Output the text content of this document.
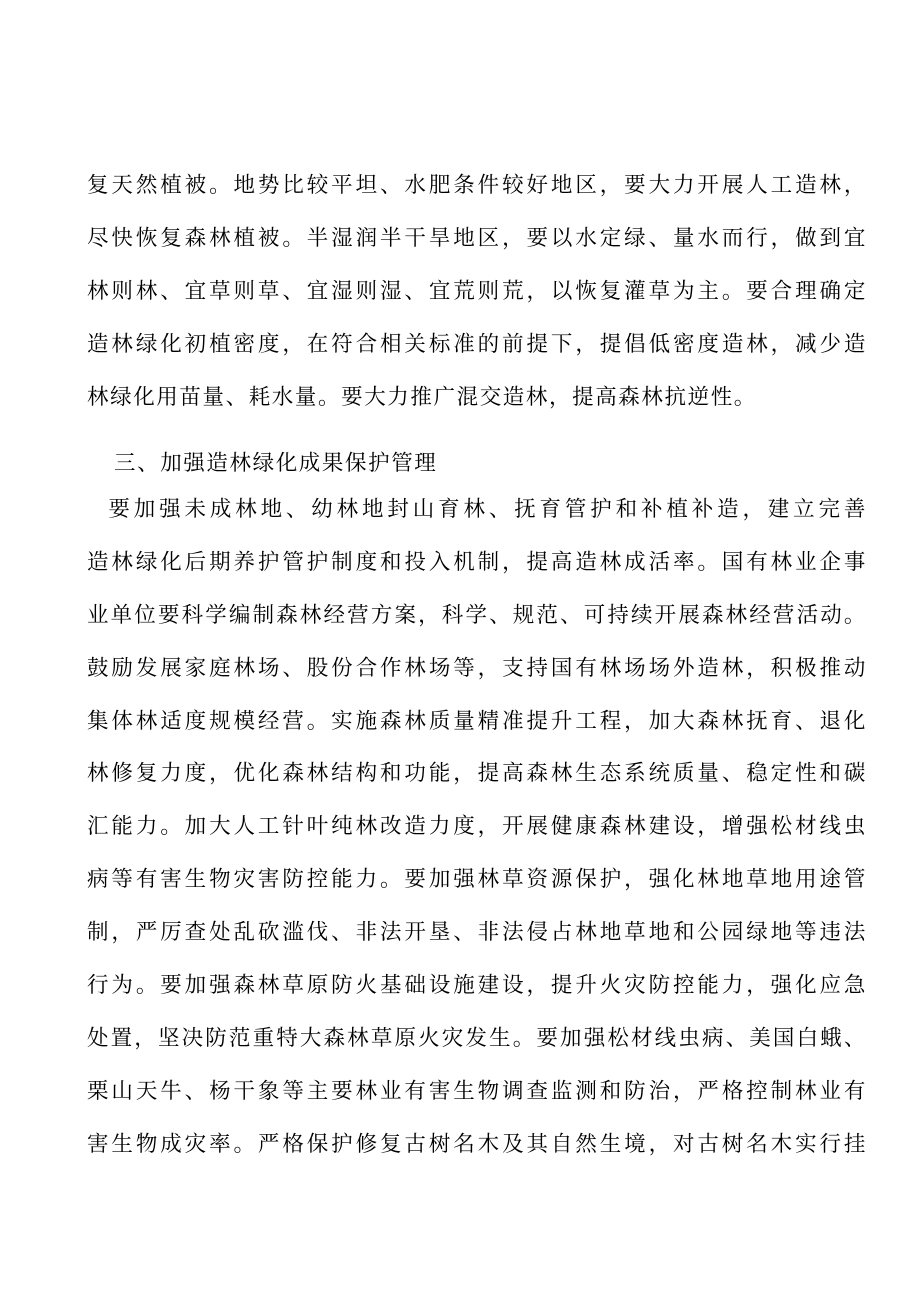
复天然植被。地势比较平坦、水肥条件较好地区，要大力开展人工造林，
尽快恢复森林植被。半湿润半干旱地区，要以水定绿、量水而行，做到宜
林则林、宜草则草、宜湿则湿、宜荒则荒，以恢复灌草为主。要合理确定
造林绿化初植密度，在符合相关标准的前提下，提倡低密度造林，减少造
林绿化用苗量、耗水量。要大力推广混交造林，提高森林抗逆性。
三、加强造林绿化成果保护管理
要加强未成林地、幼林地封山育林、抚育管护和补植补造，建立完善
造林绿化后期养护管护制度和投入机制，提高造林成活率。国有林业企事
业单位要科学编制森林经营方案，科学、规范、可持续开展森林经营活动。
鼓励发展家庭林场、股份合作林场等，支持国有林场场外造林，积极推动
集体林适度规模经营。实施森林质量精准提升工程，加大森林抚育、退化
林修复力度，优化森林结构和功能，提高森林生态系统质量、稳定性和碳
汇能力。加大人工针叶纯林改造力度，开展健康森林建设，增强松材线虫
病等有害生物灾害防控能力。要加强林草资源保护，强化林地草地用途管
制，严厉查处乱砍滥伐、非法开垦、非法侵占林地草地和公园绿地等违法
行为。要加强森林草原防火基础设施建设，提升火灾防控能力，强化应急
处置，坚决防范重特大森林草原火灾发生。要加强松材线虫病、美国白蛾、
栗山天牛、杨干象等主要林业有害生物调查监测和防治，严格控制林业有
害生物成灾率。严格保护修复古树名木及其自然生境，对古树名木实行挂
